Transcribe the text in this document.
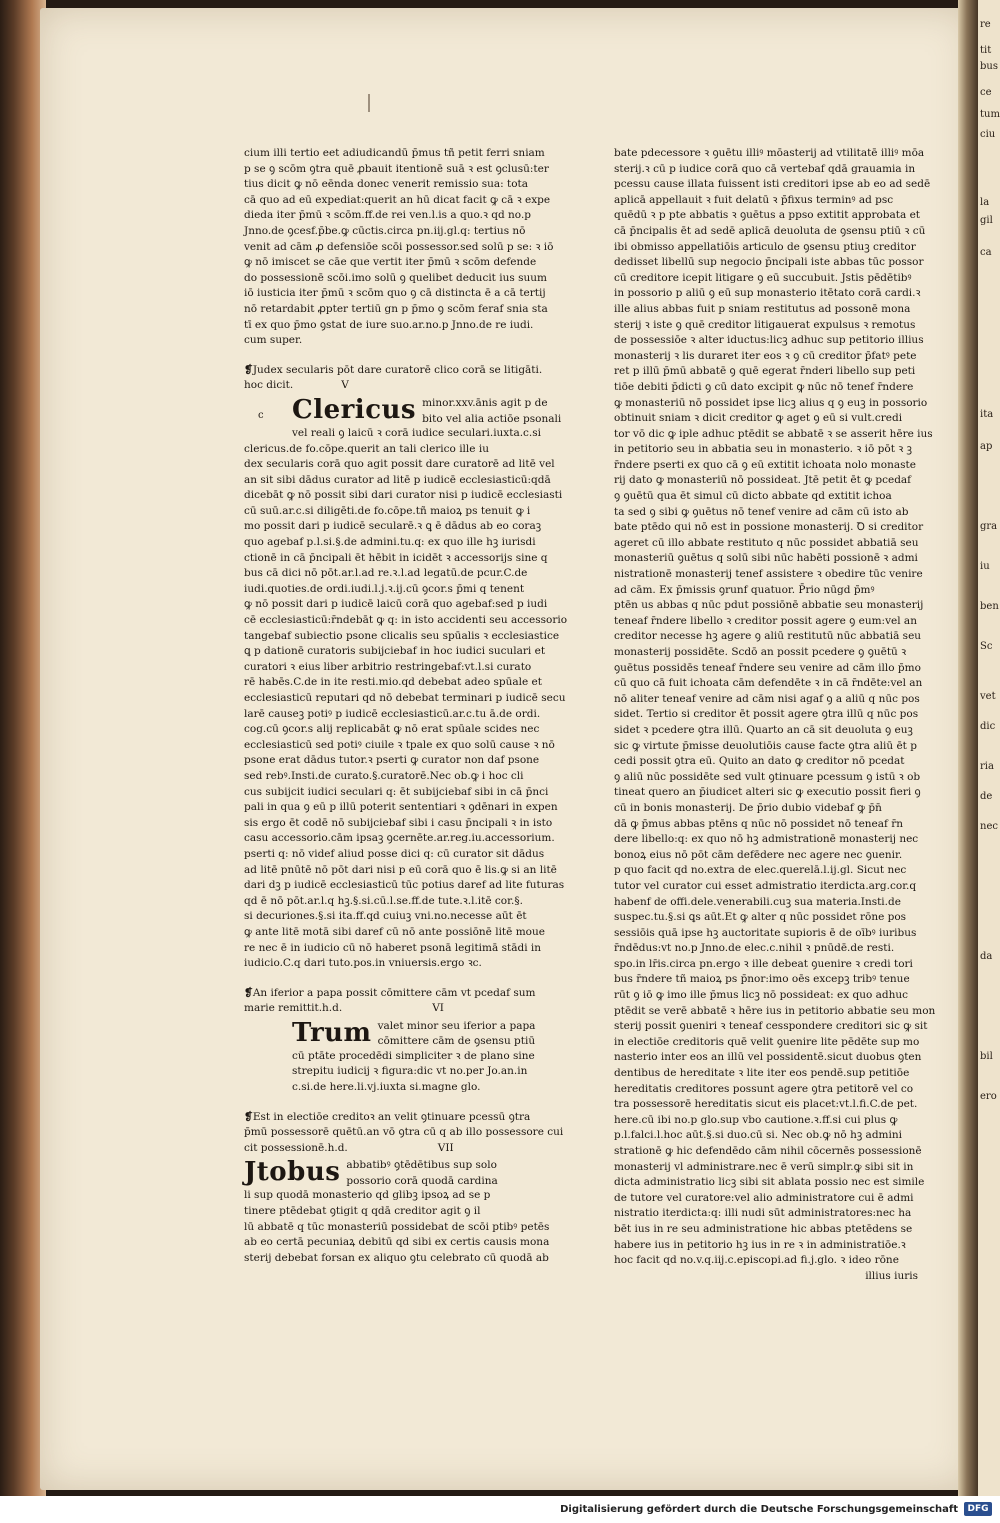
re
tit
bus
ce
tum
ciu
la
gil
ca
ita
ap
gra
iu
ben
Sc
vet
dic
ria
de
nec
da
bil
ero

cium illi tertio eet adiudicandū p̄mus tñ petit ferri sniam
p se ꝯ scōm ꝯtra quē ꝓbauit itentionē suā ꝛ est ꝯclusū:ter
tius dicit ꝙ nō eēnda donec venerit remissio sua: tota
cā quo ad eū expediat:querit an hū dicat facit ꝙ cā ꝛ expe
dieda iter p̄mū ꝛ scōm.ff.de rei ven.l.is a quo.ꝛ qd no.p
Jnno.de ꝯcesf.p̄be.ꝙ cūctis.circa pn.iij.gl.q: tertius nō
venit ad cām ꝓ defensiōe scōi possessor.sed solū p se: ꝛ iō
ꝙ nō imiscet se cāe que vertit iter p̄mū ꝛ scōm defende
do possessionē scōi.imo solū ꝯ quelibet deducit ius suum
iō iusticia iter p̄mū ꝛ scōm quo ꝯ cā distincta ē a cā tertij
nō retardabit ꝓpter tertiū gn p p̄mo ꝯ scōm feraf snia sta
tī ex quo p̄mo ꝯstat de iure suo.ar.no.p Jnno.de re iudi.
cum super.

❡Judex secularis pōt dare curatorē clico corā se litigāti.
hoc dicit.	V
c Clericus minor.xxv.ānis agit p de
bito vel alia actiōe psonali
vel reali ꝯ laicū ꝛ corā iudice seculari.iuxta.c.si

clericus.de fo.cōpe.querit an tali clerico ille iu
dex secularis corā quo agit possit dare curatorē ad litē vel
an sit sibi dādus curator ad litē p iudicē ecclesiasticū:qdā
dicebāt ꝙ nō possit sibi dari curator nisi p iudicē ecclesiasti
cū suū.ar.c.si diligēti.de fo.cōpe.tñ maioꝝ ps tenuit ꝙ i
mo possit dari p iudicē secularē.ꝛ ꝗ ē dādus ab eo coraꝫ
quo agebaf p.l.si.§.de admini.tu.q: ex quo ille hꝫ iurisdi
ctionē in cā p̄ncipali ēt hēbit in icidēt ꝛ accessorijs sine q
bus cā dici nō pōt.ar.l.ad re.ꝛ.l.ad legatū.de pcur.C.de
iudi.quoties.de ordi.iudi.l.j.ꝛ.ij.cū ꝯcor.s p̄mi q tenent
ꝙ nō possit dari p iudicē laicū corā quo agebaf:sed p iudi
cē ecclesiasticū:r̄ndebāt ꝙ q: in isto accidenti seu accessorio
tangebaf subiectio psone clicalis seu spūalis ꝛ ecclesiastice
ꝗ p dationē curatoris subijciebaf in hoc iudici suculari et
curatori ꝛ eius liber arbitrio restringebaf:vt.l.si curato
rē habēs.C.de in ite resti.mio.qd debebat adeo spūale et
ecclesiasticū reputari qd nō debebat terminari p iudicē secu
larē causeꝫ potiꝰ p iudicē ecclesiasticū.ar.c.tu ā.de ordi.
cog.cū ꝯcor.s alij replicabāt ꝙ nō erat spūale scides nec
ecclesiasticū sed potiꝰ ciuile ꝛ tpale ex quo solū cause ꝛ nō
psone erat dādus tutor.ꝛ pserti ꝙ curator non daf psone
sed rebꝰ.Insti.de curato.§.curatorē.Nec ob.ꝙ i hoc cli
cus subijcit iudici seculari q: ēt subijciebaf sibi in cā p̄nci
pali in qua ꝯ eū p illū poterit sententiari ꝛ ꝯdēnari in expen
sis ergo ēt codē nō subijciebaf sibi i casu p̄ncipali ꝛ in isto
casu accessorio.cām ipsaꝫ ꝯcernēte.ar.reg.iu.accessorium.
pserti q: nō videf aliud posse dici q: cū curator sit dādus
ad litē pnūtē nō pōt dari nisi p eū corā quo ē lis.ꝙ si an litē
dari dꝫ p iudicē ecclesiasticū tūc potius daref ad lite futuras
qd ē nō pōt.ar.l.q hꝫ.§.si.cū.l.se.ff.de tute.ꝛ.l.itē cor.§.
si decuriones.§.si ita.ff.qd cuiuꝫ vni.no.necesse aūt ēt
ꝙ ante litē motā sibi daref cū nō ante possiōnē litē moue
re nec ē in iudicio cū nō haberet psonā legitimā stādi in
iudicio.C.q dari tuto.pos.in vniuersis.ergo ꝛc.

❡An iferior a papa possit cōmittere cām vt pcedaf sum
marie remittit.h.d.	VI
Trum valet minor seu iferior a papa
cōmittere cām de ꝯsensu ptiū

cū ptāte procedēdi simpliciter ꝛ de plano sine
strepitu iudicij ꝛ figura:dic vt no.per Jo.an.in
c.si.de here.li.vj.iuxta si.magne glo.

❡Est in electiōe creditoꝛ an velit ꝯtinuare pcessū ꝯtra
p̄mū possessorē quētū.an vō ꝯtra cū q ab illo possessore cui
cit possessionē.h.d.	VII
Jtobus abbatibꝰ ꝯtēdētibus sup solo
possorio corā quodā cardina

li sup quodā monasterio qd glibꝫ ipsoꝝ ad se p
tinere ptēdebat ꝯtigit q qdā creditor agit ꝯ il
lū abbatē q tūc monasteriū possidebat de scōi ptibꝰ petēs
ab eo certā pecuniaꝝ debitū qd sibi ex certis causis mona
sterij debebat forsan ex aliquo ꝯtu celebrato cū quodā ab

bate pdecessore ꝛ ꝯuētu illiꝰ mōasterij ad vtilitatē illiꝰ mōa
sterij.ꝛ cū p iudice corā quo cā vertebaf qdā grauamia in
pcessu cause illata fuissent isti creditori ipse ab eo ad sedē
aplicā appellauit ꝛ fuit delatū ꝛ p̄fixus terminꝰ ad psc
quēdū ꝛ p pte abbatis ꝛ ꝯuētus a ppso extitit approbata et
cā p̄ncipalis ēt ad sedē aplicā deuoluta de ꝯsensu ptiū ꝛ cū
ibi obmisso appellatiōis articulo de ꝯsensu ptiuꝫ creditor
dedisset libellū sup negocio p̄ncipali iste abbas tūc possor
cū creditore icepit litigare ꝯ eū succubuit. Jstis pēdētibꝰ
in possorio p aliū ꝯ eū sup monasterio itētato corā cardi.ꝛ
ille alius abbas fuit p sniam restitutus ad possonē mona
sterij ꝛ iste ꝯ quē creditor litigauerat expulsus ꝛ remotus
de possessiōe ꝛ alter iductus:licꝫ adhuc sup petitorio illius
monasterij ꝛ lis duraret iter eos ꝛ ꝯ cū creditor p̄fatꝰ pete
ret p illū p̄mū abbatē ꝯ quē egerat r̄nderi libello sup peti
tiōe debiti p̄dicti ꝯ cū dato excipit ꝙ nūc nō tenef r̄ndere
ꝙ monasteriū nō possidet ipse licꝫ alius q ꝯ euꝫ in possorio
obtinuit sniam ꝛ dicit creditor ꝙ aget ꝯ eū si vult.credi
tor vō dic ꝙ iple adhuc ptēdit se abbatē ꝛ se asserit hēre ius
in petitorio seu in abbatia seu in monasterio. ꝛ iō pōt ꝛ ꝫ
r̄ndere pserti ex quo cā ꝯ eū extitit ichoata nolo monaste
rij dato ꝙ monasteriū nō possideat. Jtē petit ēt ꝙ pcedaf
ꝯ ꝯuētū qua ēt simul cū dicto abbate qd extitit ichoa
ta sed ꝯ sibi ꝙ ꝯuētus nō tenef venire ad cām cū isto ab
bate ptēdo qui nō est in possione monasterij. Ꝺ si creditor
ageret cū illo abbate restituto q nūc possidet abbatiā seu
monasteriū ꝯuētus q solū sibi nūc habēti possionē ꝛ admi
nistrationē monasterij tenef assistere ꝛ obedire tūc venire
ad cām. Ex p̄missis ꝯrunf quatuor. P̄rio nūgd p̄mꝰ
ptēn us abbas q nūc pdut possiōnē abbatie seu monasterij
teneaf r̄ndere libello ꝛ creditor possit agere ꝯ eum:vel an
creditor necesse hꝫ agere ꝯ aliū restitutū nūc abbatiā seu
monasterij possidēte. Scdō an possit pcedere ꝯ ꝯuētū ꝛ
ꝯuētus possidēs teneaf r̄ndere seu venire ad cām illo p̄mo
cū quo cā fuit ichoata cām defendēte ꝛ in cā r̄ndēte:vel an
nō aliter teneaf venire ad cām nisi agaf ꝯ a aliū q nūc pos
sidet. Tertio si creditor ēt possit agere ꝯtra illū q nūc pos
sidet ꝛ pcedere ꝯtra illū. Quarto an cā sit deuoluta ꝯ euꝫ
sic ꝙ virtute p̄misse deuolutiōis cause facte ꝯtra aliū ēt p
cedi possit ꝯtra eū. Quito an dato ꝙ creditor nō pcedat
ꝯ aliū nūc possidēte sed vult ꝯtinuare pcessum ꝯ istū ꝛ ob
tineat quero an p̄iudicet alteri sic ꝙ executio possit fieri ꝯ
cū in bonis monasterij. De p̄rio dubio videbaf ꝙ p̄n̄
dā ꝙ p̄mus abbas ptēns q nūc nō possidet nō teneaf r̄n
dere libello:q: ex quo nō hꝫ admistrationē monasterij nec
bonoꝝ eius nō pōt cām defēdere nec agere nec ꝯuenir.
p quo facit qd no.extra de elec.querelā.l.ij.gl. Sicut nec
tutor vel curator cui esset admistratio iterdicta.arg.cor.q
habenf de offi.dele.venerabili.cuꝫ sua materia.Insti.de
suspec.tu.§.si ꝗs aūt.Et ꝙ alter q nūc possidet rōne pos
sessiōis quā ipse hꝫ auctoritate supioris ē de oībꝰ iuribus
r̄ndēdus:vt no.p Jnno.de elec.c.nihil ꝛ pnūdē.de resti.
spo.in lr̄is.circa pn.ergo ꝛ ille debeat ꝯuenire ꝛ credi tori
bus r̄ndere tñ maioꝝ ps p̄nor:imo oēs excepꝫ tribꝰ tenue
rūt ꝯ iō ꝙ imo ille p̄mus licꝫ nō possideat: ex quo adhuc
ptēdit se verē abbatē ꝛ hēre ius in petitorio abbatie seu mon
sterij possit ꝯueniri ꝛ teneaf cesspondere creditori sic ꝙ sit
in electiōe creditoris quē velit ꝯuenire lite pēdēte sup mo
nasterio inter eos an illū vel possidentē.sicut duobus ꝯten
dentibus de hereditate ꝛ lite iter eos pendē.sup petitiōe
hereditatis creditores possunt agere ꝯtra petitorē vel co
tra possessorē hereditatis sicut eis placet:vt.l.fi.C.de pet.
here.cū ibi no.p glo.sup vbo cautione.ꝛ.ff.si cui plus ꝙ
p.l.falci.l.hoc aūt.§.si duo.cū si. Nec ob.ꝙ nō hꝫ admini
strationē ꝙ hic defendēdo cām nihil cōcernēs possessionē
monasterij vl administrare.nec ē verū simplr.ꝙ sibi sit in
dicta administratio licꝫ sibi sit ablata possio nec est simile
de tutore vel curatore:vel alio administratore cui ē admi
nistratio iterdicta:q: illi nudi sūt administratores:nec ha
bēt ius in re seu administratione hic abbas ptetēdens se
habere ius in petitorio hꝫ ius in re ꝛ in administratiōe.ꝛ
hoc facit qd no.v.q.iij.c.episcopi.ad fi.j.glo. ꝛ ideo rōne

illius iuris
Digitalisierung gefördert durch die Deutsche Forschungsgemeinschaft	DFG
